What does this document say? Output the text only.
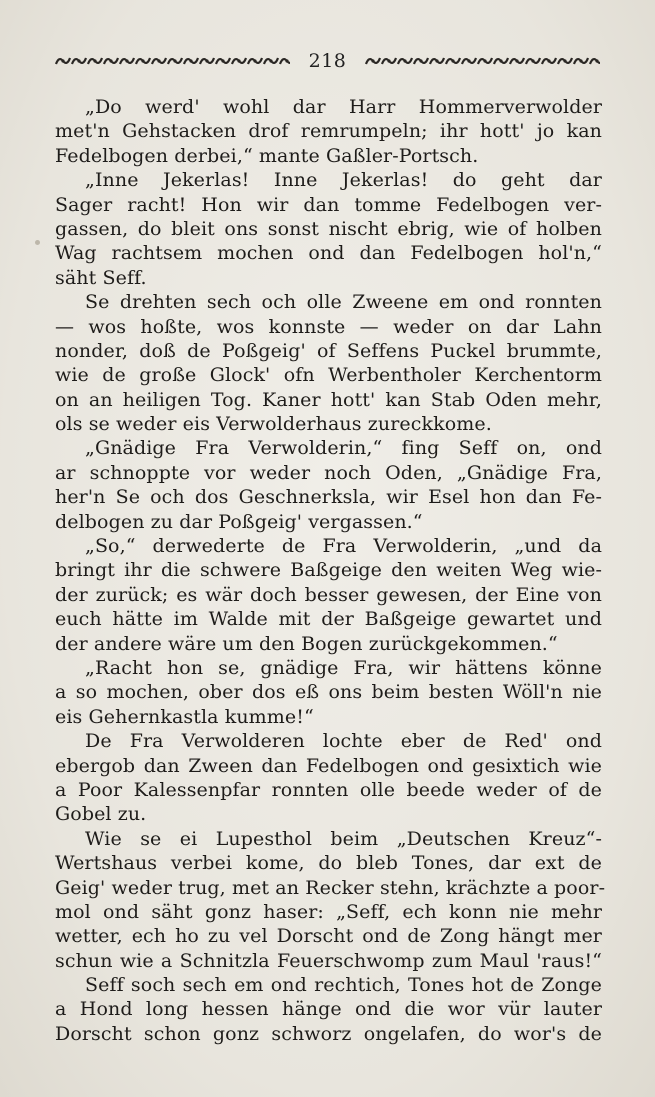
218
„Do werd' wohl dar Harr Hommerverwolder
met'n Gehstacken drof remrumpeln; ihr hott' jo kan
Fedelbogen derbei,“ mante Gaßler-Portsch.
„Inne Jekerlas! Inne Jekerlas! do geht dar
Sager racht! Hon wir dan tomme Fedelbogen ver-
gassen, do bleit ons sonst nischt ebrig, wie of holben
Wag rachtsem mochen ond dan Fedelbogen hol'n,“
säht Seff.
Se drehten sech och olle Zweene em ond ronnten
— wos hoßte, wos konnste — weder on dar Lahn
nonder, doß de Poßgeig' of Seffens Puckel brummte,
wie de große Glock' ofn Werbentholer Kerchentorm
on an heiligen Tog. Kaner hott' kan Stab Oden mehr,
ols se weder eis Verwolderhaus zureckkome.
„Gnädige Fra Verwolderin,“ fing Seff on, ond
ar schnoppte vor weder noch Oden, „Gnädige Fra,
her'n Se och dos Geschnerksla, wir Esel hon dan Fe-
delbogen zu dar Poßgeig' vergassen.“
„So,“ derwederte de Fra Verwolderin, „und da
bringt ihr die schwere Baßgeige den weiten Weg wie-
der zurück; es wär doch besser gewesen, der Eine von
euch hätte im Walde mit der Baßgeige gewartet und
der andere wäre um den Bogen zurückgekommen.“
„Racht hon se, gnädige Fra, wir hättens könne
a so mochen, ober dos eß ons beim besten Wöll'n nie
eis Gehernkastla kumme!“
De Fra Verwolderen lochte eber de Red' ond
ebergob dan Zween dan Fedelbogen ond gesixtich wie
a Poor Kalessenpfar ronnten olle beede weder of de
Gobel zu.
Wie se ei Lupesthol beim „Deutschen Kreuz“-
Wertshaus verbei kome, do bleb Tones, dar ext de
Geig' weder trug, met an Recker stehn, krächzte a poor-
mol ond säht gonz haser: „Seff, ech konn nie mehr
wetter, ech ho zu vel Dorscht ond de Zong hängt mer
schun wie a Schnitzla Feuerschwomp zum Maul 'raus!“
Seff soch sech em ond rechtich, Tones hot de Zonge
a Hond long hessen hänge ond die wor vür lauter
Dorscht schon gonz schworz ongelafen, do wor's de
